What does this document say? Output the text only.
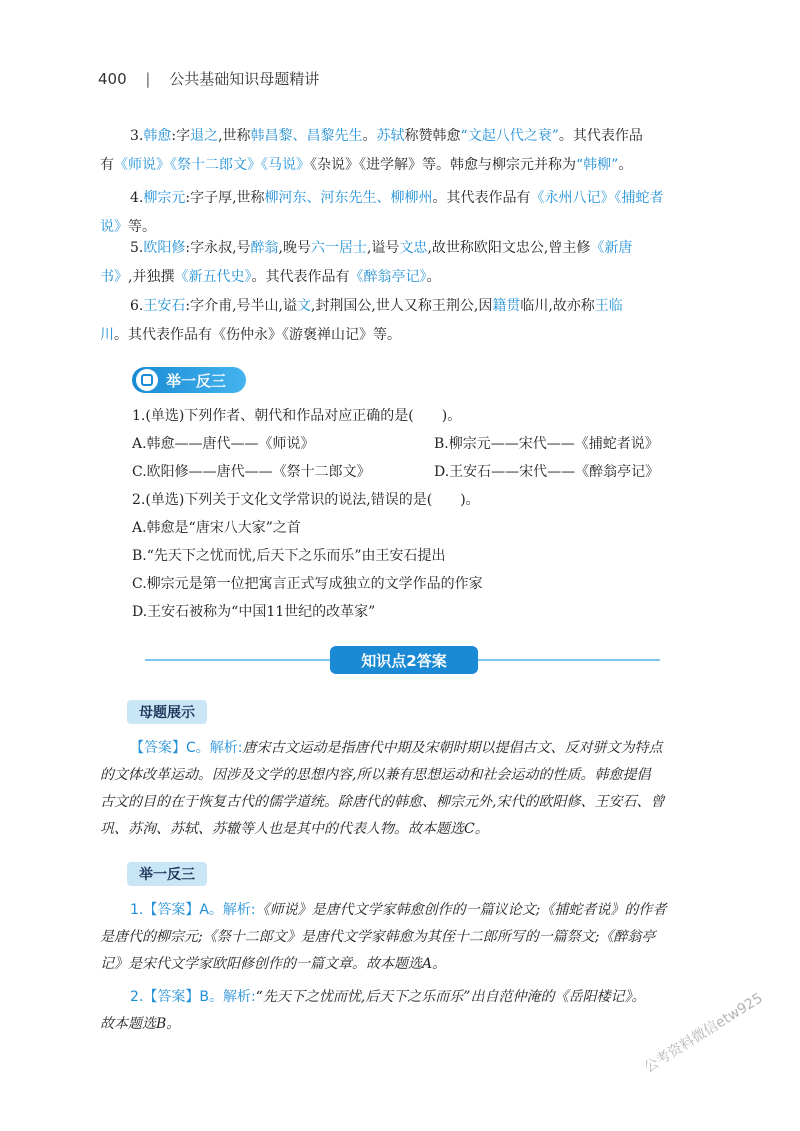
400 | 公共基础知识母题精讲
3.韩愈:字退之,世称韩昌黎、昌黎先生。苏轼称赞韩愈“文起八代之衰”。其代表作品
有《师说》《祭十二郎文》《马说》《杂说》《进学解》等。韩愈与柳宗元并称为“韩柳”。
4.柳宗元:字子厚,世称柳河东、河东先生、柳柳州。其代表作品有《永州八记》《捕蛇者
说》等。
5.欧阳修:字永叔,号醉翁,晚号六一居士,谥号文忠,故世称欧阳文忠公,曾主修《新唐
书》,并独撰《新五代史》。其代表作品有《醉翁亭记》。
6.王安石:字介甫,号半山,谥文,封荆国公,世人又称王荆公,因籍贯临川,故亦称王临
川。其代表作品有《伤仲永》《游褒禅山记》等。
举一反三
1.(单选)下列作者、朝代和作品对应正确的是(　　)。
A.韩愈——唐代——《师说》	B.柳宗元——宋代——《捕蛇者说》
C.欧阳修——唐代——《祭十二郎文》	D.王安石——宋代——《醉翁亭记》
2.(单选)下列关于文化文学常识的说法,错误的是(　　)。
A.韩愈是“唐宋八大家”之首
B.“先天下之忧而忧,后天下之乐而乐”由王安石提出
C.柳宗元是第一位把寓言正式写成独立的文学作品的作家
D.王安石被称为“中国11世纪的改革家”
知识点2答案
母题展示
【答案】C。解析:唐宋古文运动是指唐代中期及宋朝时期以提倡古文、反对骈文为特点
的文体改革运动。因涉及文学的思想内容,所以兼有思想运动和社会运动的性质。韩愈提倡
古文的目的在于恢复古代的儒学道统。除唐代的韩愈、柳宗元外,宋代的欧阳修、王安石、曾
巩、苏洵、苏轼、苏辙等人也是其中的代表人物。故本题选C。
举一反三
1.【答案】A。解析:《师说》是唐代文学家韩愈创作的一篇议论文;《捕蛇者说》的作者
是唐代的柳宗元;《祭十二郎文》是唐代文学家韩愈为其侄十二郎所写的一篇祭文;《醉翁亭
记》是宋代文学家欧阳修创作的一篇文章。故本题选A。
2.【答案】B。解析:“先天下之忧而忧,后天下之乐而乐”出自范仲淹的《岳阳楼记》。
故本题选B。	公考资料微信etw925
